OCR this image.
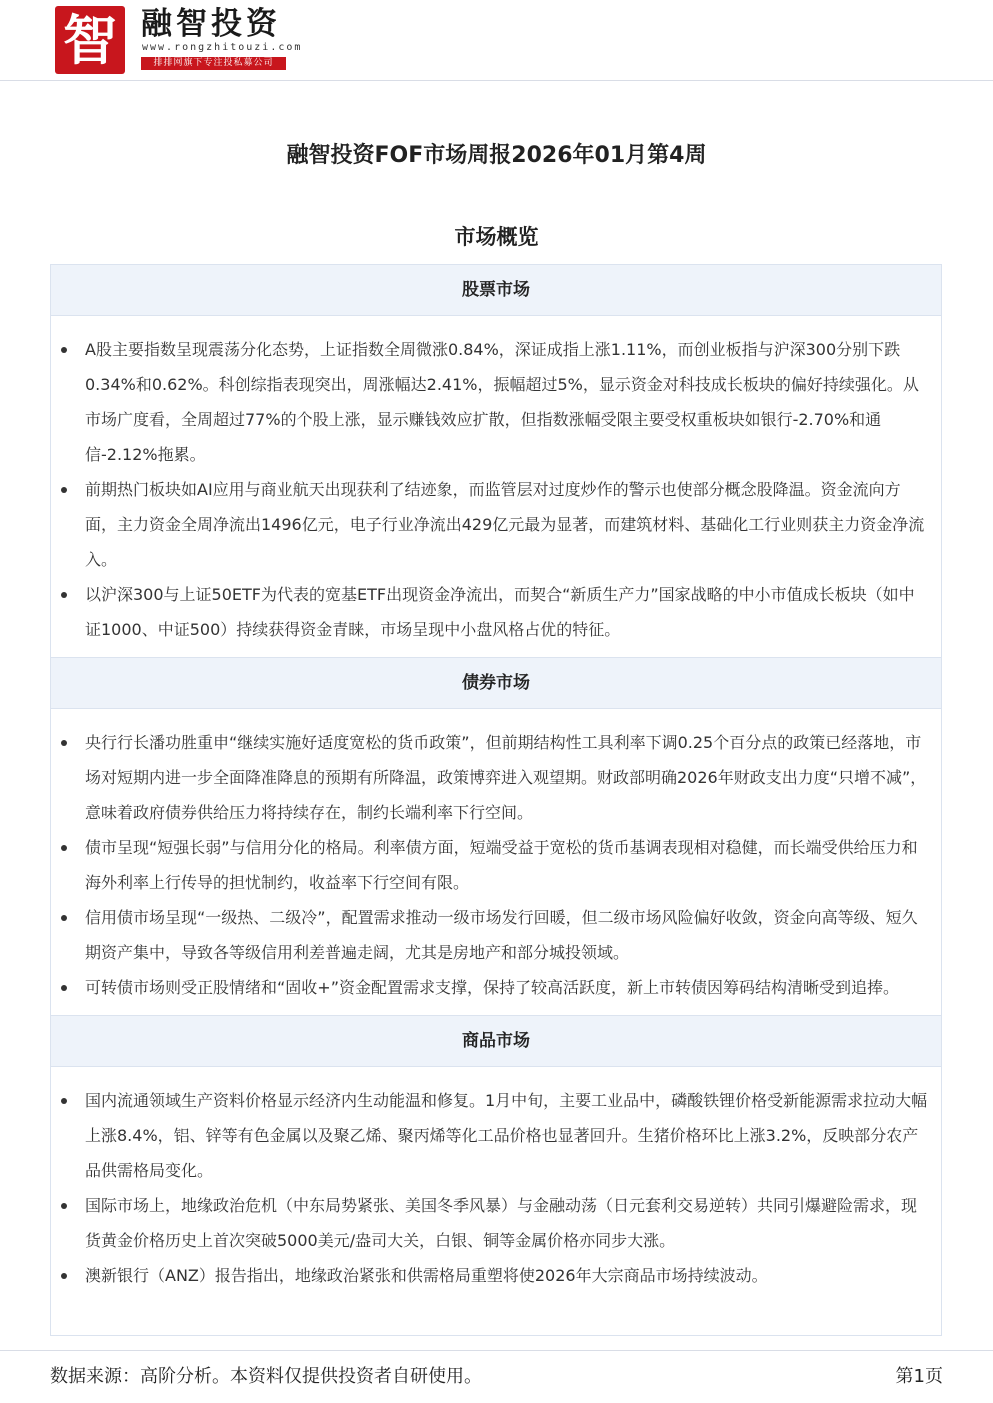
智 融智投资
www.rongzhitouzi.com
排排网旗下专注投私募公司
融智投资FOF市场周报2026年01月第4周
市场概览
股票市场
A股主要指数呈现震荡分化态势，上证指数全周微涨0.84%，深证成指上涨1.11%，而创业板指与沪深300分别下跌0.34%和0.62%。科创综指表现突出，周涨幅达2.41%，振幅超过5%，显示资金对科技成长板块的偏好持续强化。从市场广度看，全周超过77%的个股上涨，显示赚钱效应扩散，但指数涨幅受限主要受权重板块如银行-2.70%和通信-2.12%拖累。
前期热门板块如AI应用与商业航天出现获利了结迹象，而监管层对过度炒作的警示也使部分概念股降温。资金流向方面，主力资金全周净流出1496亿元，电子行业净流出429亿元最为显著，而建筑材料、基础化工行业则获主力资金净流入。
以沪深300与上证50ETF为代表的宽基ETF出现资金净流出，而契合“新质生产力”国家战略的中小市值成长板块（如中证1000、中证500）持续获得资金青睐，市场呈现中小盘风格占优的特征。
债券市场
央行行长潘功胜重申“继续实施好适度宽松的货币政策”，但前期结构性工具利率下调0.25个百分点的政策已经落地，市场对短期内进一步全面降准降息的预期有所降温，政策博弈进入观望期。财政部明确2026年财政支出力度“只增不减”，意味着政府债券供给压力将持续存在，制约长端利率下行空间。
债市呈现“短强长弱”与信用分化的格局。利率债方面，短端受益于宽松的货币基调表现相对稳健，而长端受供给压力和海外利率上行传导的担忧制约，收益率下行空间有限。
信用债市场呈现“一级热、二级冷”，配置需求推动一级市场发行回暖，但二级市场风险偏好收敛，资金向高等级、短久期资产集中，导致各等级信用利差普遍走阔，尤其是房地产和部分城投领域。
可转债市场则受正股情绪和“固收+”资金配置需求支撑，保持了较高活跃度，新上市转债因筹码结构清晰受到追捧。
商品市场
国内流通领域生产资料价格显示经济内生动能温和修复。1月中旬，主要工业品中，磷酸铁锂价格受新能源需求拉动大幅上涨8.4%，铝、锌等有色金属以及聚乙烯、聚丙烯等化工品价格也显著回升。生猪价格环比上涨3.2%，反映部分农产品供需格局变化。
国际市场上，地缘政治危机（中东局势紧张、美国冬季风暴）与金融动荡（日元套利交易逆转）共同引爆避险需求，现货黄金价格历史上首次突破5000美元/盎司大关，白银、铜等金属价格亦同步大涨。
澳新银行（ANZ）报告指出，地缘政治紧张和供需格局重塑将使2026年大宗商品市场持续波动。
数据来源：高阶分析。本资料仅提供投资者自研使用。	第1页
